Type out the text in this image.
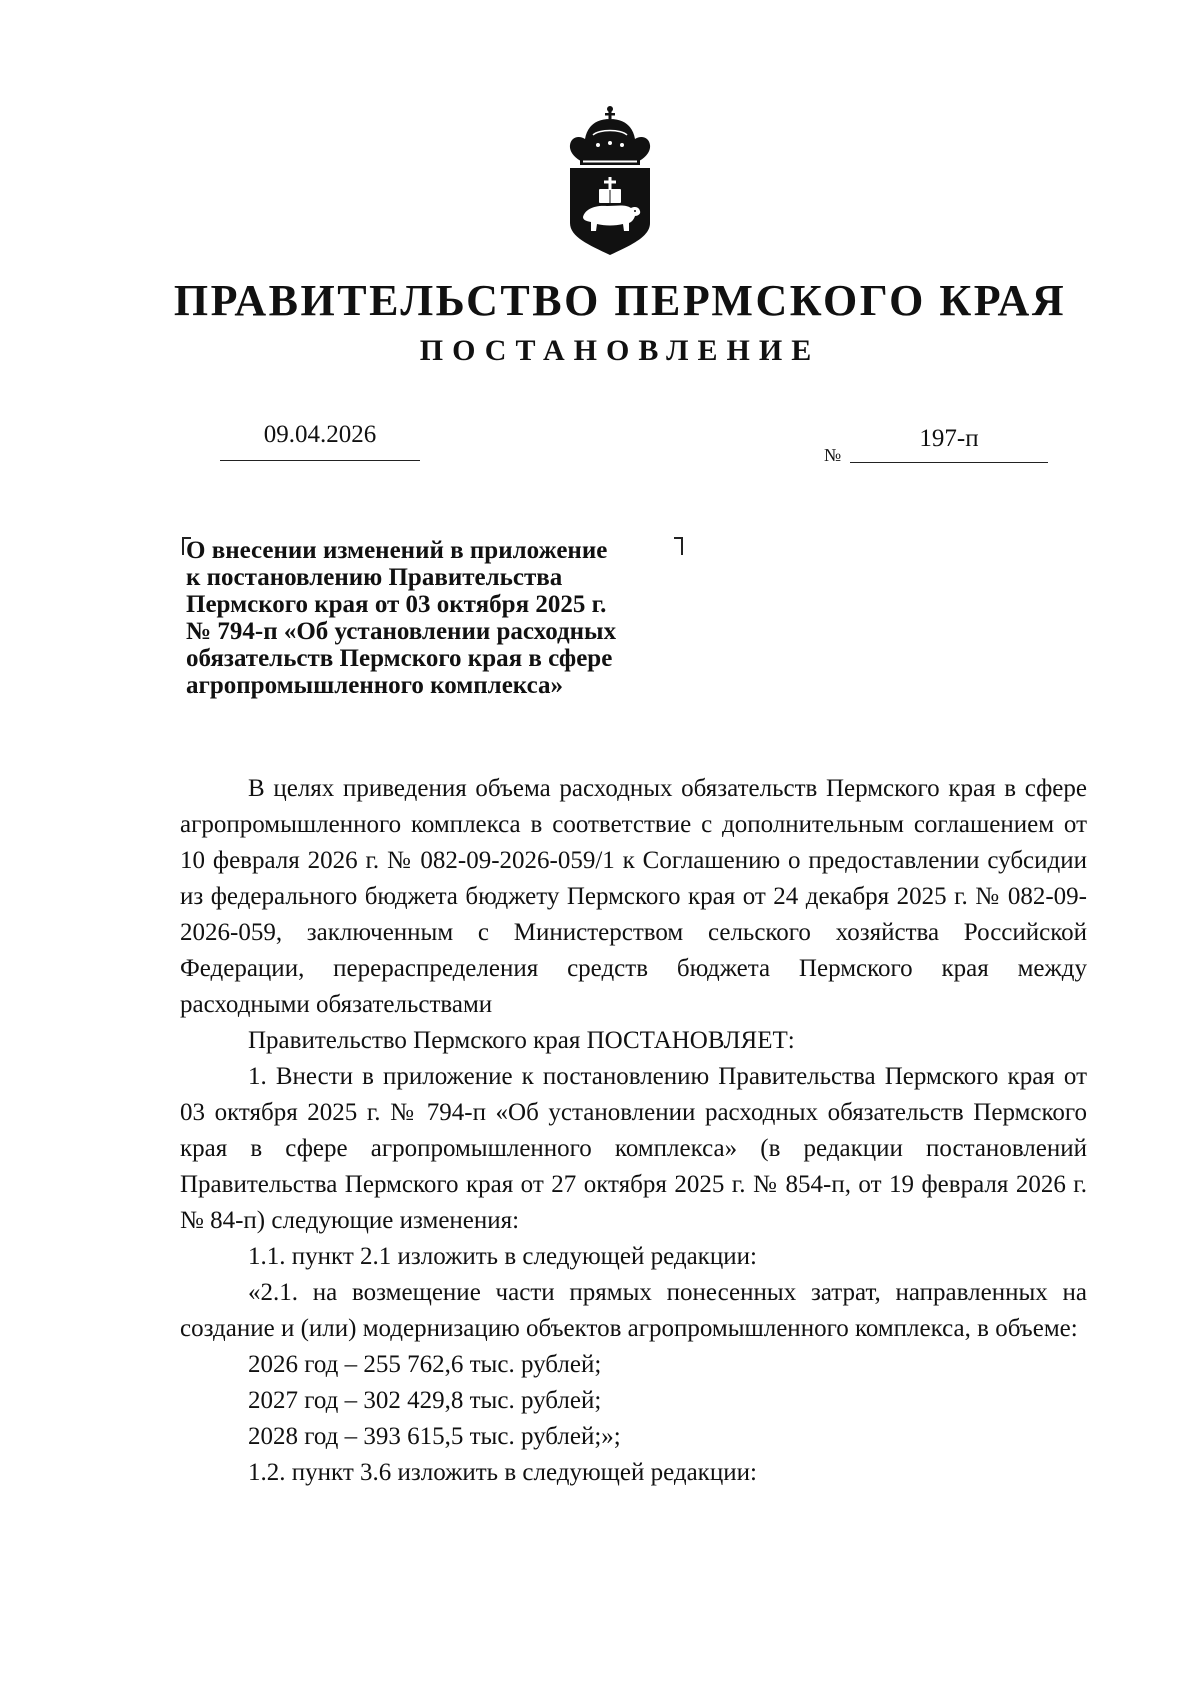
ПРАВИТЕЛЬСТВО ПЕРМСКОГО КРАЯ
ПОСТАНОВЛЕНИЕ
09.04.2026
№
197-п

О внесении изменений в приложение
к постановлению Правительства
Пермского края от 03 октября 2025 г.
№ 794-п «Об установлении расходных
обязательств Пермского края в сфере
агропромышленного комплекса»

В целях приведения объема расходных обязательств Пермского края в сфере агропромышленного комплекса в соответствие с дополнительным соглашением от 10 февраля 2026 г. № 082-09-2026-059/1 к Соглашению о предоставлении субсидии из федерального бюджета бюджету Пермского края от 24 декабря 2025 г. № 082-09-2026-059, заключенным с Министерством сельского хозяйства Российской Федерации, перераспределения средств бюджета Пермского края между расходными обязательствами

Правительство Пермского края ПОСТАНОВЛЯЕТ:

1. Внести в приложение к постановлению Правительства Пермского края от 03 октября 2025 г. № 794-п «Об установлении расходных обязательств Пермского края в сфере агропромышленного комплекса» (в редакции постановлений Правительства Пермского края от 27 октября 2025 г. № 854-п, от 19 февраля 2026 г. № 84-п) следующие изменения:

1.1. пункт 2.1 изложить в следующей редакции:

«2.1. на возмещение части прямых понесенных затрат, направленных на создание и (или) модернизацию объектов агропромышленного комплекса, в объеме:

2026 год – 255 762,6 тыс. рублей;

2027 год – 302 429,8 тыс. рублей;

2028 год – 393 615,5 тыс. рублей;»;

1.2. пункт 3.6 изложить в следующей редакции:
